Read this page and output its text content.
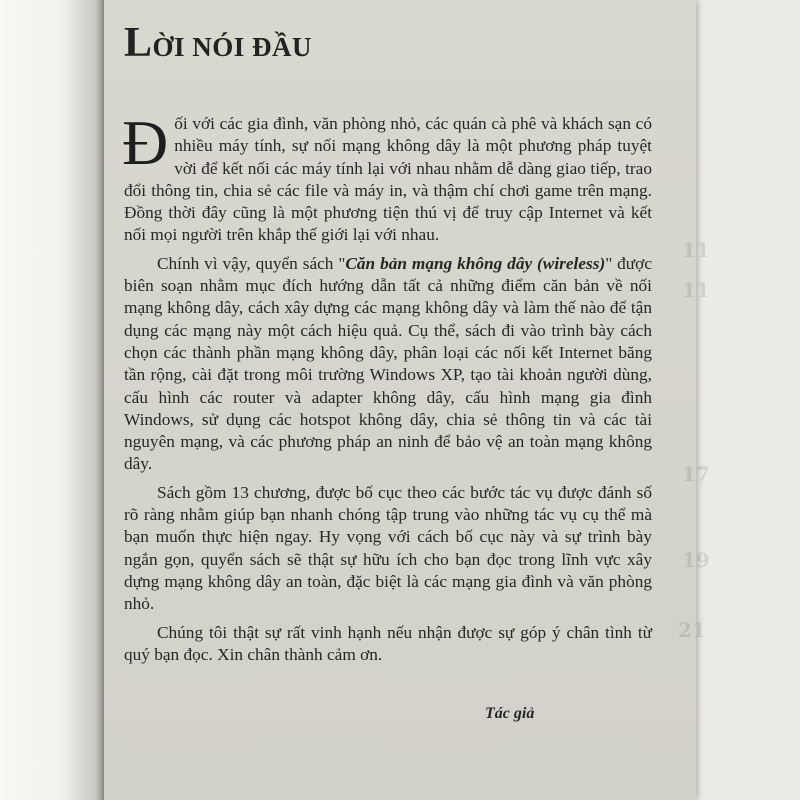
11
11
17
19
21
LỜI NÓI ĐẦU

Đối với các gia đình, văn phòng nhỏ, các quán cà phê và khách sạn có nhiều máy tính, sự nối mạng không dây là một phương pháp tuyệt vời để kết nối các máy tính lại với nhau nhằm dễ dàng giao tiếp, trao đổi thông tin, chia sẻ các file và máy in, và thậm chí chơi game trên mạng. Đồng thời đây cũng là một phương tiện thú vị để truy cập Internet và kết nối mọi người trên khắp thế giới lại với nhau.

Chính vì vậy, quyển sách "Căn bản mạng không dây (wireless)" được biên soạn nhằm mục đích hướng dẫn tất cả những điểm căn bản về nối mạng không dây, cách xây dựng các mạng không dây và làm thế nào để tận dụng các mạng này một cách hiệu quả. Cụ thể, sách đi vào trình bày cách chọn các thành phần mạng không dây, phân loại các nối kết Internet băng tần rộng, cài đặt trong môi trường Windows XP, tạo tài khoản người dùng, cấu hình các router và adapter không dây, cấu hình mạng gia đình Windows, sử dụng các hotspot không dây, chia sẻ thông tin và các tài nguyên mạng, và các phương pháp an ninh để bảo vệ an toàn mạng không dây.

Sách gồm 13 chương, được bố cục theo các bước tác vụ được đánh số rõ ràng nhằm giúp bạn nhanh chóng tập trung vào những tác vụ cụ thể mà bạn muốn thực hiện ngay. Hy vọng với cách bố cục này và sự trình bày ngắn gọn, quyển sách sẽ thật sự hữu ích cho bạn đọc trong lĩnh vực xây dựng mạng không dây an toàn, đặc biệt là các mạng gia đình và văn phòng nhỏ.

Chúng tôi thật sự rất vinh hạnh nếu nhận được sự góp ý chân tình từ quý bạn đọc. Xin chân thành cảm ơn.

Tác giả
